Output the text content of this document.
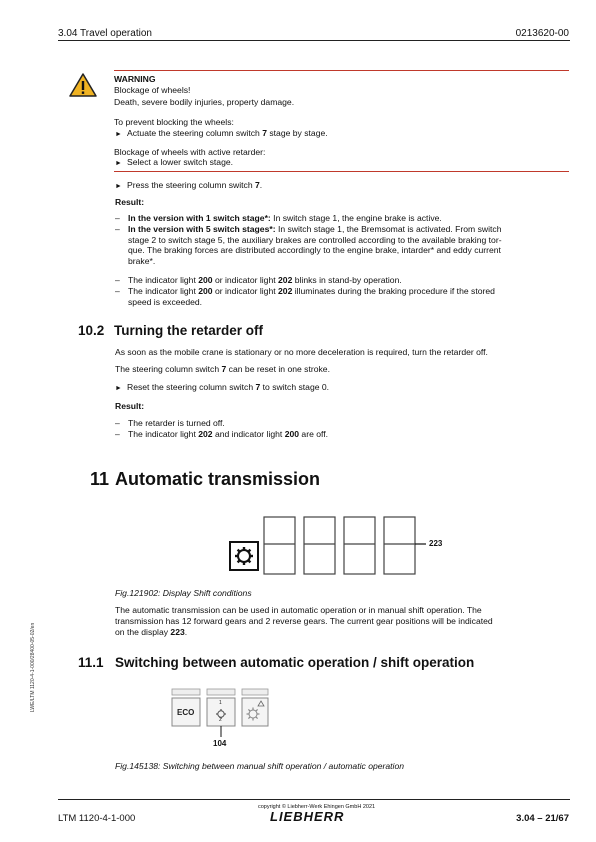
3.04 Travel operation	0213620-00
WARNING
Blockage of wheels!
Death, severe bodily injuries, property damage.
To prevent blocking the wheels:
► Actuate the steering column switch 7 stage by stage.
Blockage of wheels with active retarder:
► Select a lower switch stage.
► Press the steering column switch 7.
Result:
– In the version with 1 switch stage*: In switch stage 1, the engine brake is active.
– In the version with 5 switch stages*: In switch stage 1, the Bremsomat is activated. From switch
stage 2 to switch stage 5, the auxiliary brakes are controlled according to the available braking tor-
que. The braking forces are distributed accordingly to the engine brake, intarder* and eddy current
brake*.
– The indicator light 200 or indicator light 202 blinks in stand-by operation.
– The indicator light 200 or indicator light 202 illuminates during the braking procedure if the stored
speed is exceeded.
10.2 Turning the retarder off
As soon as the mobile crane is stationary or no more deceleration is required, turn the retarder off.
The steering column switch 7 can be reset in one stroke.
► Reset the steering column switch 7 to switch stage 0.
Result:
– The retarder is turned off.
– The indicator light 202 and indicator light 200 are off.
11 Automatic transmission
223
Fig.121902: Display Shift conditions
The automatic transmission can be used in automatic operation or in manual shift operation. The
transmission has 12 forward gears and 2 reverse gears. The current gear positions will be indicated
on the display 223.
11.1 Switching between automatic operation / shift operation
ECO
1
2
104
Fig.145138: Switching between manual shift operation / automatic operation
LWE/LTM 1120-4-1-000/28400-05-02/en
copyright © Liebherr-Werk Ehingen GmbH 2021
LTM 1120-4-1-000	LIEBHERR	3.04 – 21/67
